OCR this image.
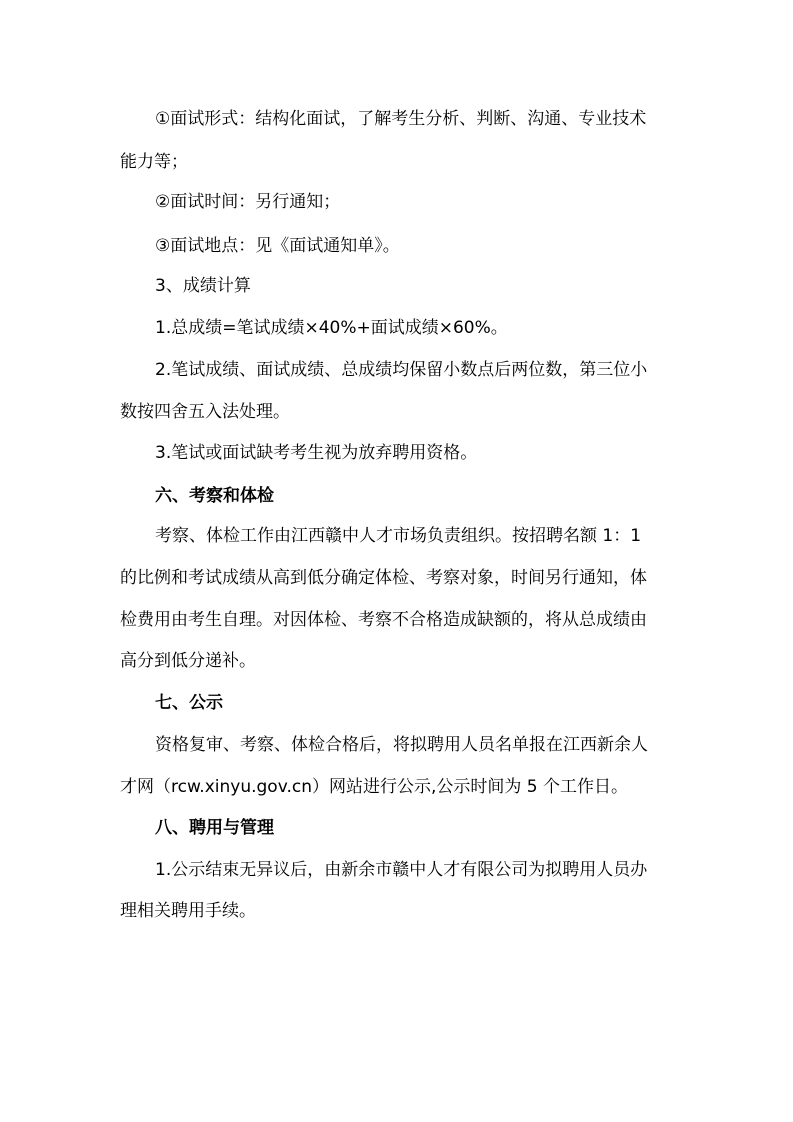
①面试形式：结构化面试，了解考生分析、判断、沟通、专业技术
能力等；
②面试时间：另行通知；
③面试地点：见《面试通知单》。
3、成绩计算
1.总成绩=笔试成绩×40%+面试成绩×60%。
2.笔试成绩、面试成绩、总成绩均保留小数点后两位数，第三位小
数按四舍五入法处理。
3.笔试或面试缺考考生视为放弃聘用资格。
六、考察和体检
考察、体检工作由江西赣中人才市场负责组织。按招聘名额 1：1
的比例和考试成绩从高到低分确定体检、考察对象，时间另行通知，体
检费用由考生自理。对因体检、考察不合格造成缺额的，将从总成绩由
高分到低分递补。
七、公示
资格复审、考察、体检合格后，将拟聘用人员名单报在江西新余人
才网（rcw.xinyu.gov.cn）网站进行公示,公示时间为 5 个工作日。
八、聘用与管理
1.公示结束无异议后，由新余市赣中人才有限公司为拟聘用人员办
理相关聘用手续。
